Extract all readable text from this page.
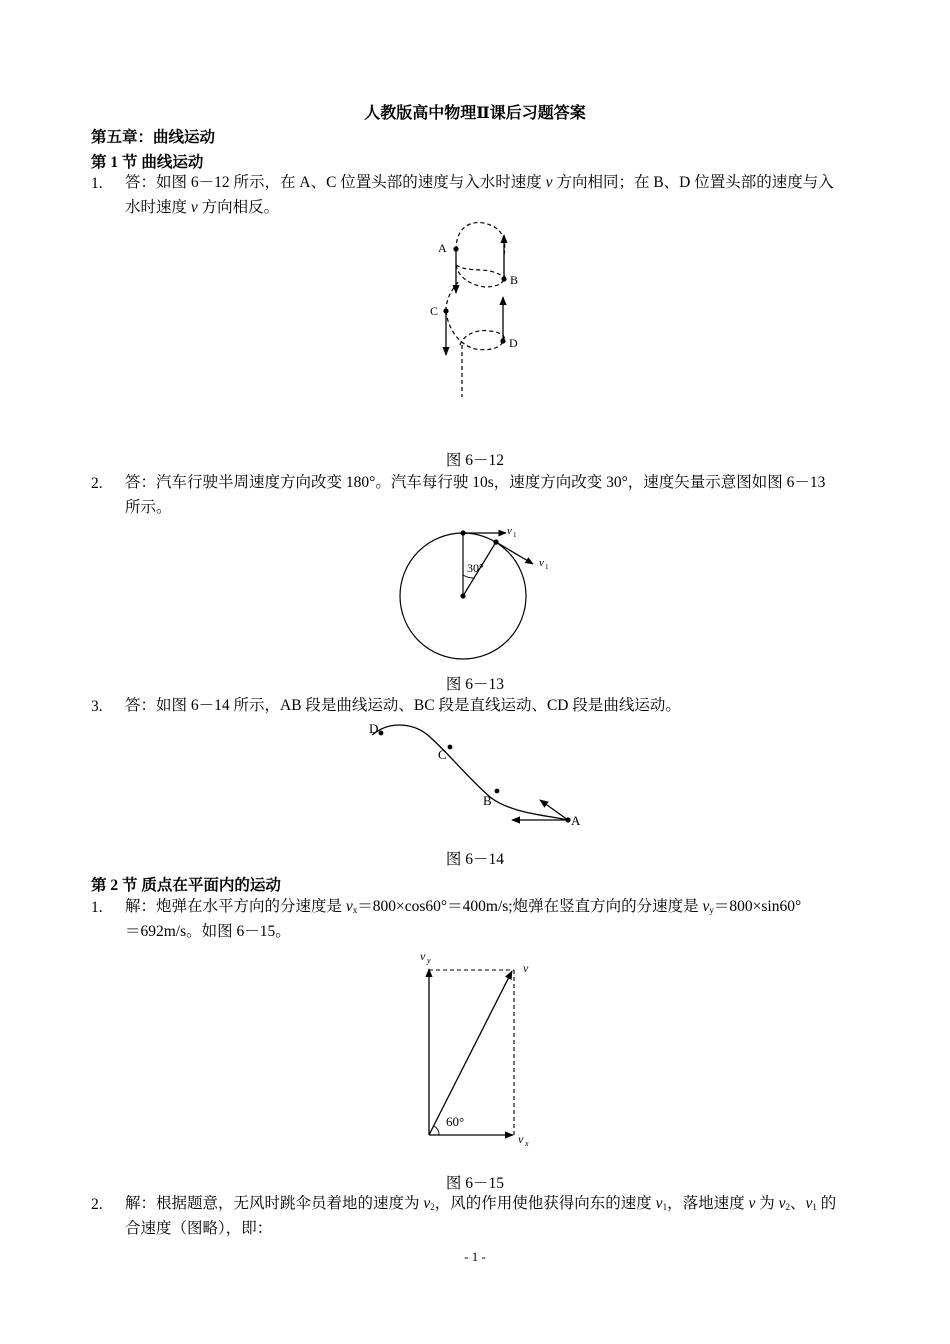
人教版高中物理Ⅱ课后习题答案
第五章：曲线运动
第 1 节 曲线运动
1. 答：如图 6－12 所示，在 A、C 位置头部的速度与入水时速度 v 方向相同；在 B、D 位置头部的速度与入
水时速度 v 方向相反。
A
B
C
D
图 6－12
2. 答：汽车行驶半周速度方向改变 180°。汽车每行驶 10s，速度方向改变 30°，速度矢量示意图如图 6－13
所示。
30°
v 1
v 1
图 6－13
3. 答：如图 6－14 所示，AB 段是曲线运动、BC 段是直线运动、CD 段是曲线运动。
D
C
B
A
图 6－14
第 2 节 质点在平面内的运动
1. 解：炮弹在水平方向的分速度是 $v_x=800\times\cos 60^\circ=400m/s$;炮弹在竖直方向的分速度是 $v_y=800\times\sin 60^\circ$
＝692m/s。如图 6－15。
60°
v y
v
v x
图 6－15
2. 解：根据题意，无风时跳伞员着地的速度为 $v_2$，风的作用使他获得向东的速度 $v_1$，落地速度 v 为 $v_2$、$v_1$ 的
合速度（图略），即：
- 1 -
